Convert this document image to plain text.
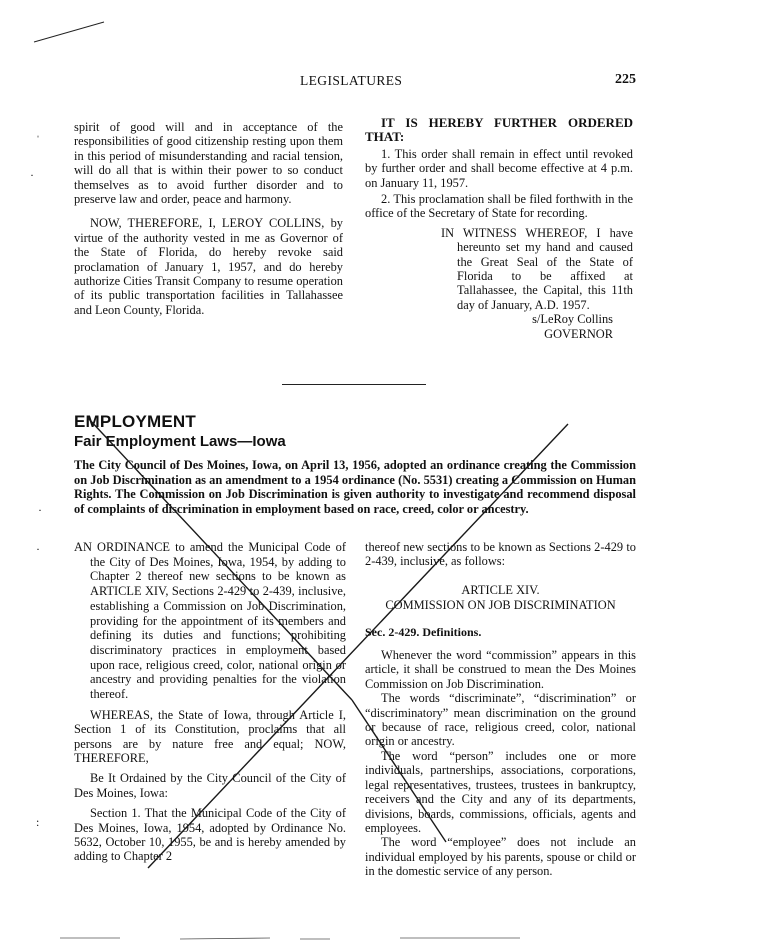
LEGISLATURES	225

spirit of good will and in acceptance of the responsibilities of good citizenship resting upon them in this period of misunderstanding and racial tension, will do all that is within their power to so conduct themselves as to avoid further disorder and to preserve law and order, peace and harmony.

NOW, THEREFORE, I, LEROY COLLINS, by virtue of the authority vested in me as Governor of the State of Florida, do hereby revoke said proclamation of January 1, 1957, and do hereby authorize Cities Transit Company to resume operation of its public transportation facilities in Tallahassee and Leon County, Florida.

IT IS HEREBY FURTHER ORDERED THAT:

1. This order shall remain in effect until revoked by further order and shall become effective at 4 p.m. on January 11, 1957.

2. This proclamation shall be filed forthwith in the office of the Secretary of State for recording.

IN WITNESS WHEREOF, I have hereunto set my hand and caused the Great Seal of the State of Florida to be affixed at Tallahassee, the Capital, this 11th day of January, A.D. 1957.

s/LeRoy Collins

GOVERNOR

EMPLOYMENT
Fair Employment Laws—Iowa
The City Council of Des Moines, Iowa, on April 13, 1956, adopted an ordinance creating the Commission on Job Discrimination as an amendment to a 1954 ordinance (No. 5531) creating a Commission on Human Rights. The Commission on Job Discrimination is given authority to investigate and recommend disposal of complaints of discrimination in employment based on race, creed, color or ancestry.

AN ORDINANCE to amend the Municipal Code of the City of Des Moines, Iowa, 1954, by adding to Chapter 2 thereof new sections to be known as ARTICLE XIV, Sections 2-429 to 2-439, inclusive, establishing a Commission on Job Discrimination, providing for the appointment of its members and defining its duties and functions; prohibiting discriminatory practices in employment based upon race, religious creed, color, national origin or ancestry and providing penalties for the violation thereof.

WHEREAS, the State of Iowa, through Article I, Section 1 of its Constitution, proclaims that all persons are by nature free and equal; NOW, THEREFORE,

Be It Ordained by the City Council of the City of Des Moines, Iowa:

Section 1. That the Municipal Code of the City of Des Moines, Iowa, 1954, adopted by Ordinance No. 5632, October 10, 1955, be and is hereby amended by adding to Chapter 2

thereof new sections to be known as Sections 2-429 to 2-439, inclusive, as follows:

ARTICLE XIV.

COMMISSION ON JOB DISCRIMINATION

Sec. 2-429. Definitions.

Whenever the word “commission” appears in this article, it shall be construed to mean the Des Moines Commission on Job Discrimination.

The words “discriminate”, “discrimination” or “discriminatory” mean discrimination on the ground or because of race, religious creed, color, national origin or ancestry.

The word “person” includes one or more individuals, partnerships, associations, corporations, legal representatives, trustees, trustees in bankruptcy, receivers and the City and any of its departments, divisions, boards, commissions, officials, agents and employees.

The word “employee” does not include an individual employed by his parents, spouse or child or in the domestic service of any person.

ˈ
·
·
·
:
